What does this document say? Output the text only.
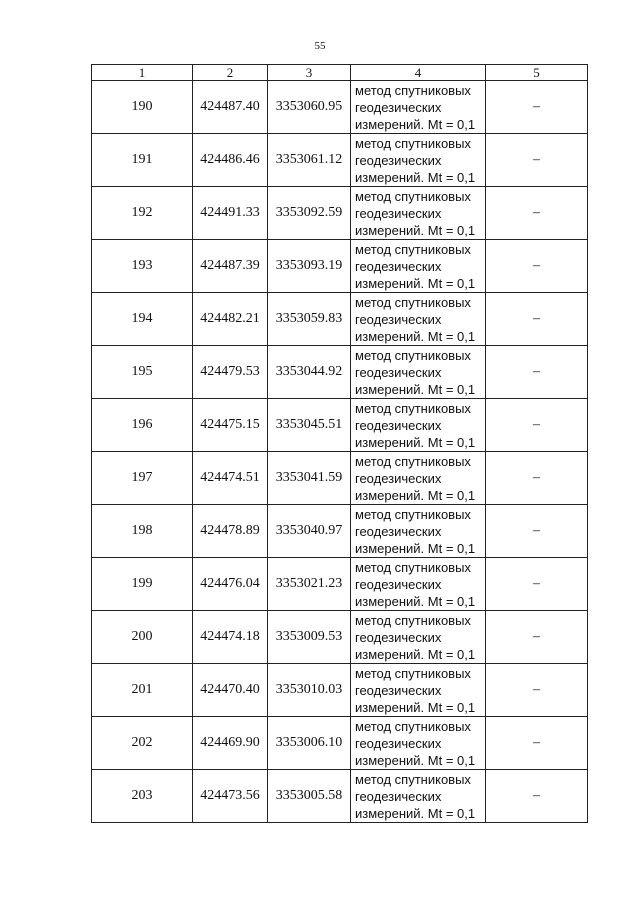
55
1	2	3	4	5
190	424487.40	3353060.95	метод спутниковых
геодезических
измерений. Mt = 0,1	–
191	424486.46	3353061.12	метод спутниковых
геодезических
измерений. Mt = 0,1	–
192	424491.33	3353092.59	метод спутниковых
геодезических
измерений. Mt = 0,1	–
193	424487.39	3353093.19	метод спутниковых
геодезических
измерений. Mt = 0,1	–
194	424482.21	3353059.83	метод спутниковых
геодезических
измерений. Mt = 0,1	–
195	424479.53	3353044.92	метод спутниковых
геодезических
измерений. Mt = 0,1	–
196	424475.15	3353045.51	метод спутниковых
геодезических
измерений. Mt = 0,1	–
197	424474.51	3353041.59	метод спутниковых
геодезических
измерений. Mt = 0,1	–
198	424478.89	3353040.97	метод спутниковых
геодезических
измерений. Mt = 0,1	–
199	424476.04	3353021.23	метод спутниковых
геодезических
измерений. Mt = 0,1	–
200	424474.18	3353009.53	метод спутниковых
геодезических
измерений. Mt = 0,1	–
201	424470.40	3353010.03	метод спутниковых
геодезических
измерений. Mt = 0,1	–
202	424469.90	3353006.10	метод спутниковых
геодезических
измерений. Mt = 0,1	–
203	424473.56	3353005.58	метод спутниковых
геодезических
измерений. Mt = 0,1	–
